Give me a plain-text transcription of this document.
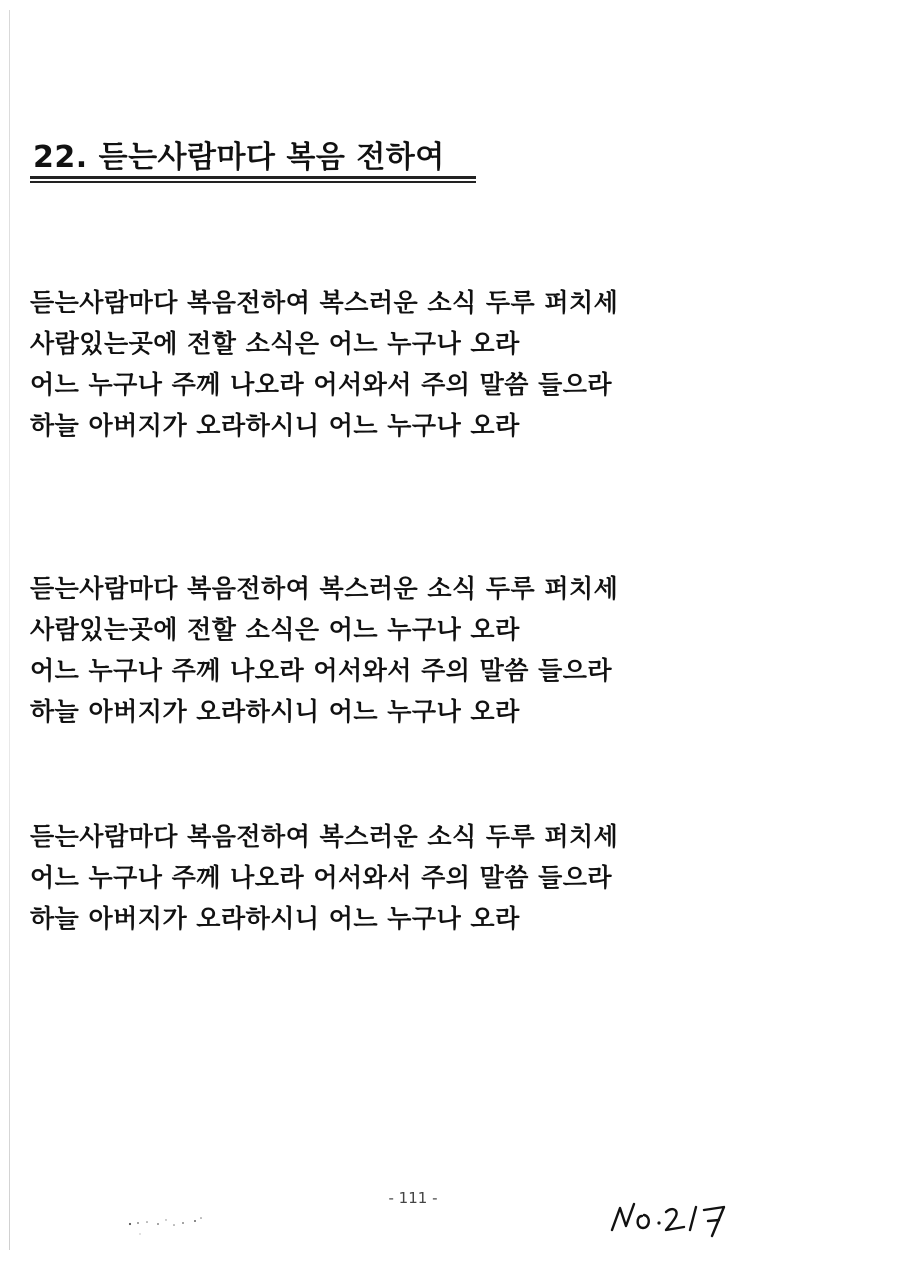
22. 듣는사람마다 복음 전하여
듣는사람마다 복음전하여 복스러운 소식 두루 퍼치세
사람있는곳에 전할 소식은 어느 누구나 오라
어느 누구나 주께 나오라 어서와서 주의 말씀 들으라
하늘 아버지가 오라하시니 어느 누구나 오라
듣는사람마다 복음전하여 복스러운 소식 두루 퍼치세
사람있는곳에 전할 소식은 어느 누구나 오라
어느 누구나 주께 나오라 어서와서 주의 말씀 들으라
하늘 아버지가 오라하시니 어느 누구나 오라
듣는사람마다 복음전하여 복스러운 소식 두루 퍼치세
어느 누구나 주께 나오라 어서와서 주의 말씀 들으라
하늘 아버지가 오라하시니 어느 누구나 오라
- 111 -
